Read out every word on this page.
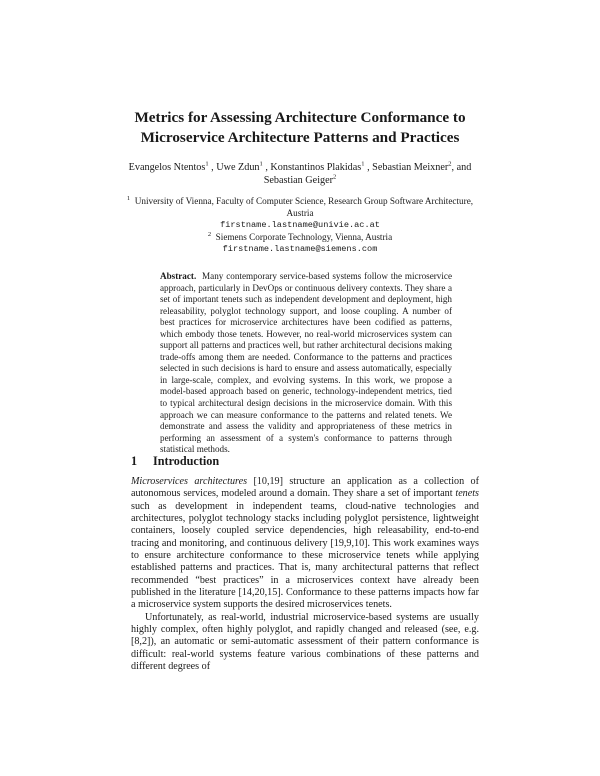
Metrics for Assessing Architecture Conformance to
Microservice Architecture Patterns and Practices
Evangelos Ntentos$^1$ , Uwe Zdun$^1$ , Konstantinos Plakidas$^1$ , Sebastian Meixner$^2$, and
Sebastian Geiger$^2$
$^1$ University of Vienna, Faculty of Computer Science, Research Group Software Architecture,
Austria
firstname.lastname@univie.ac.at
$^2$ Siemens Corporate Technology, Vienna, Austria
firstname.lastname@siemens.com
Abstract. Many contemporary service-based systems follow the microservice approach, particularly in DevOps or continuous delivery contexts. They share a set of important tenets such as independent development and deployment, high releasability, polyglot technology support, and loose coupling. A number of best practices for microservice architectures have been codified as patterns, which embody those tenets. However, no real-world microservices system can support all patterns and practices well, but rather architectural decisions making trade-offs among them are needed. Conformance to the patterns and practices selected in such decisions is hard to ensure and assess automatically, especially in large-scale, complex, and evolving systems. In this work, we propose a model-based approach based on generic, technology-independent metrics, tied to typical architectural design decisions in the microservice domain. With this approach we can measure conformance to the patterns and related tenets. We demonstrate and assess the validity and appropriateness of these metrics in performing an assessment of a system's conformance to patterns through statistical methods.
1 Introduction

Microservices architectures [10,19] structure an application as a collection of autonomous services, modeled around a domain. They share a set of important tenets such as development in independent teams, cloud-native technologies and architectures, polyglot technology stacks including polyglot persistence, lightweight containers, loosely coupled service dependencies, high releasability, end-to-end tracing and monitoring, and continuous delivery [19,9,10]. This work examines ways to ensure architecture conformance to these microservice tenets while applying established patterns and practices. That is, many architectural patterns that reflect recommended “best practices” in a microservices context have already been published in the literature [14,20,15]. Conformance to these patterns impacts how far a microservice system supports the desired microservices tenets.

Unfortunately, as real-world, industrial microservice-based systems are usually highly complex, often highly polyglot, and rapidly changed and released (see, e.g. [8,2]), an automatic or semi-automatic assessment of their pattern conformance is difficult: real-world systems feature various combinations of these patterns and different degrees of
